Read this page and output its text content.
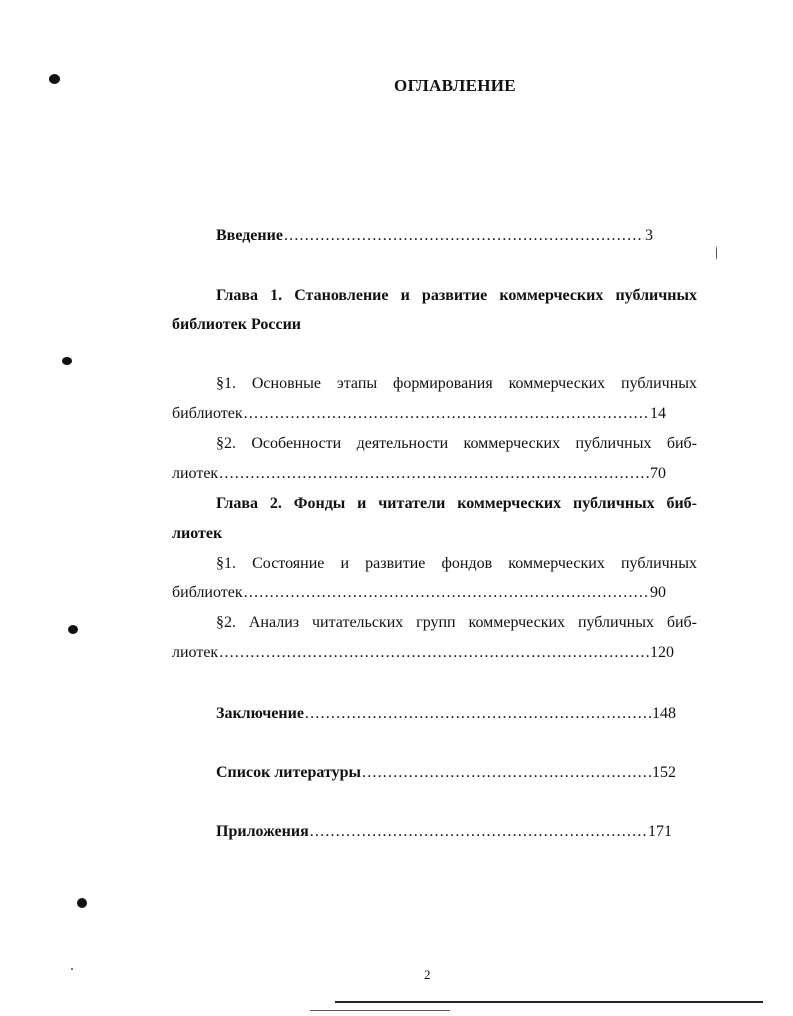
ОГЛАВЛЕНИЕ
Введение .....	3
Глава 1. Становление и развитие коммерческих публичных
библиотек России
§1. Основные этапы формирования коммерческих публичных
библиотек .....	14
§2. Особенности деятельности коммерческих публичных биб-
лиотек .....	70
Глава 2. Фонды и читатели коммерческих публичных биб-
лиотек
§1. Состояние и развитие фондов коммерческих публичных
библиотек .....	90
§2. Анализ читательских групп коммерческих публичных биб-
лиотек .....	120
Заключение .....	148
Список литературы .....	152
Приложения .....	171
2
